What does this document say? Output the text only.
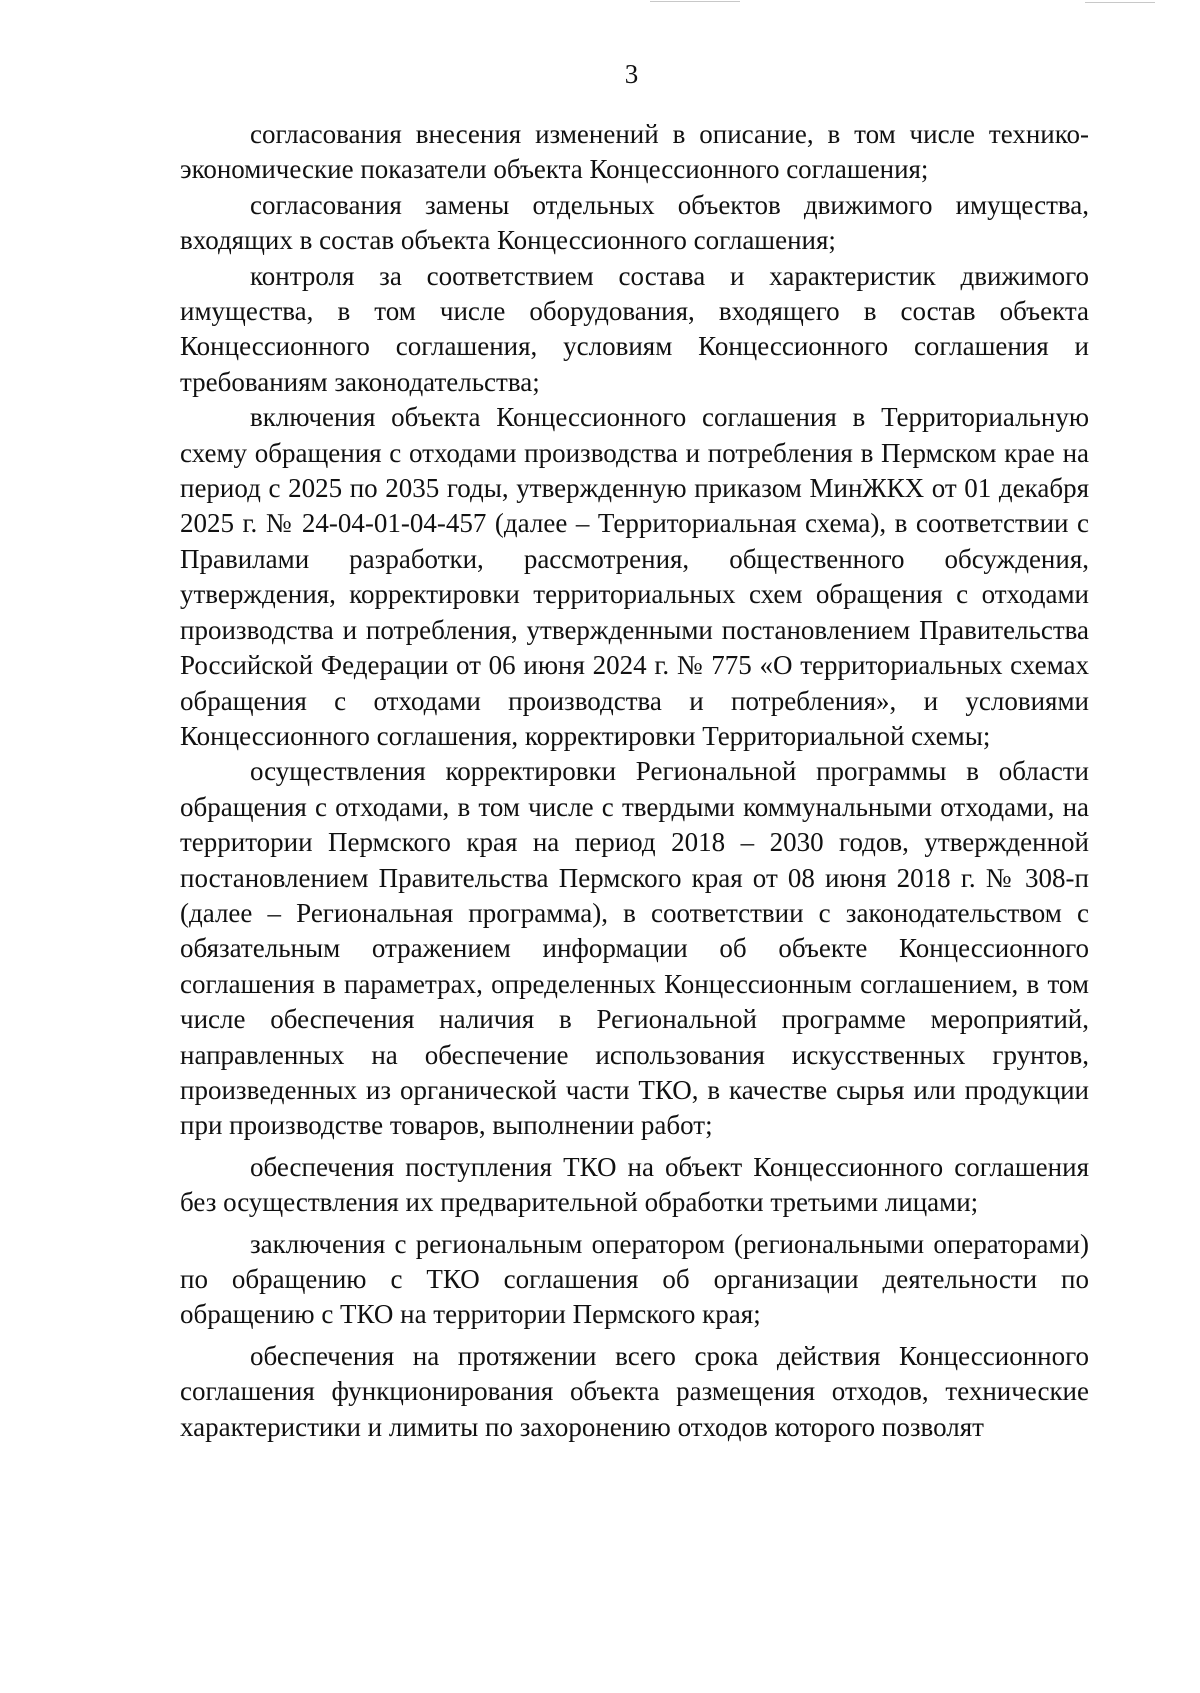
3

согласования внесения изменений в описание, в том числе технико-экономические показатели объекта Концессионного соглашения;

согласования замены отдельных объектов движимого имущества, входящих в состав объекта Концессионного соглашения;

контроля за соответствием состава и характеристик движимого имущества, в том числе оборудования, входящего в состав объекта Концессионного соглашения, условиям Концессионного соглашения и требованиям законодательства;

включения объекта Концессионного соглашения в Территориальную схему обращения с отходами производства и потребления в Пермском крае на период с 2025 по 2035 годы, утвержденную приказом МинЖКХ от 01 декабря 2025 г. № 24-04-01-04-457 (далее – Территориальная схема), в соответствии с Правилами разработки, рассмотрения, общественного обсуждения, утверждения, корректировки территориальных схем обращения с отходами производства и потребления, утвержденными постановлением Правительства Российской Федерации от 06 июня 2024 г. № 775 «О территориальных схемах обращения с отходами производства и потребления», и условиями Концессионного соглашения, корректировки Территориальной схемы;

осуществления корректировки Региональной программы в области обращения с отходами, в том числе с твердыми коммунальными отходами, на территории Пермского края на период 2018 – 2030 годов, утвержденной постановлением Правительства Пермского края от 08 июня 2018 г. № 308-п (далее – Региональная программа), в соответствии с законодательством с обязательным отражением информации об объекте Концессионного соглашения в параметрах, определенных Концессионным соглашением, в том числе обеспечения наличия в Региональной программе мероприятий, направленных на обеспечение использования искусственных грунтов, произведенных из органической части ТКО, в качестве сырья или продукции при производстве товаров, выполнении работ;

обеспечения поступления ТКО на объект Концессионного соглашения без осуществления их предварительной обработки третьими лицами;

заключения с региональным оператором (региональными операторами) по обращению с ТКО соглашения об организации деятельности по обращению с ТКО на территории Пермского края;

обеспечения на протяжении всего срока действия Концессионного соглашения функционирования объекта размещения отходов, технические характеристики и лимиты по захоронению отходов которого позволят
